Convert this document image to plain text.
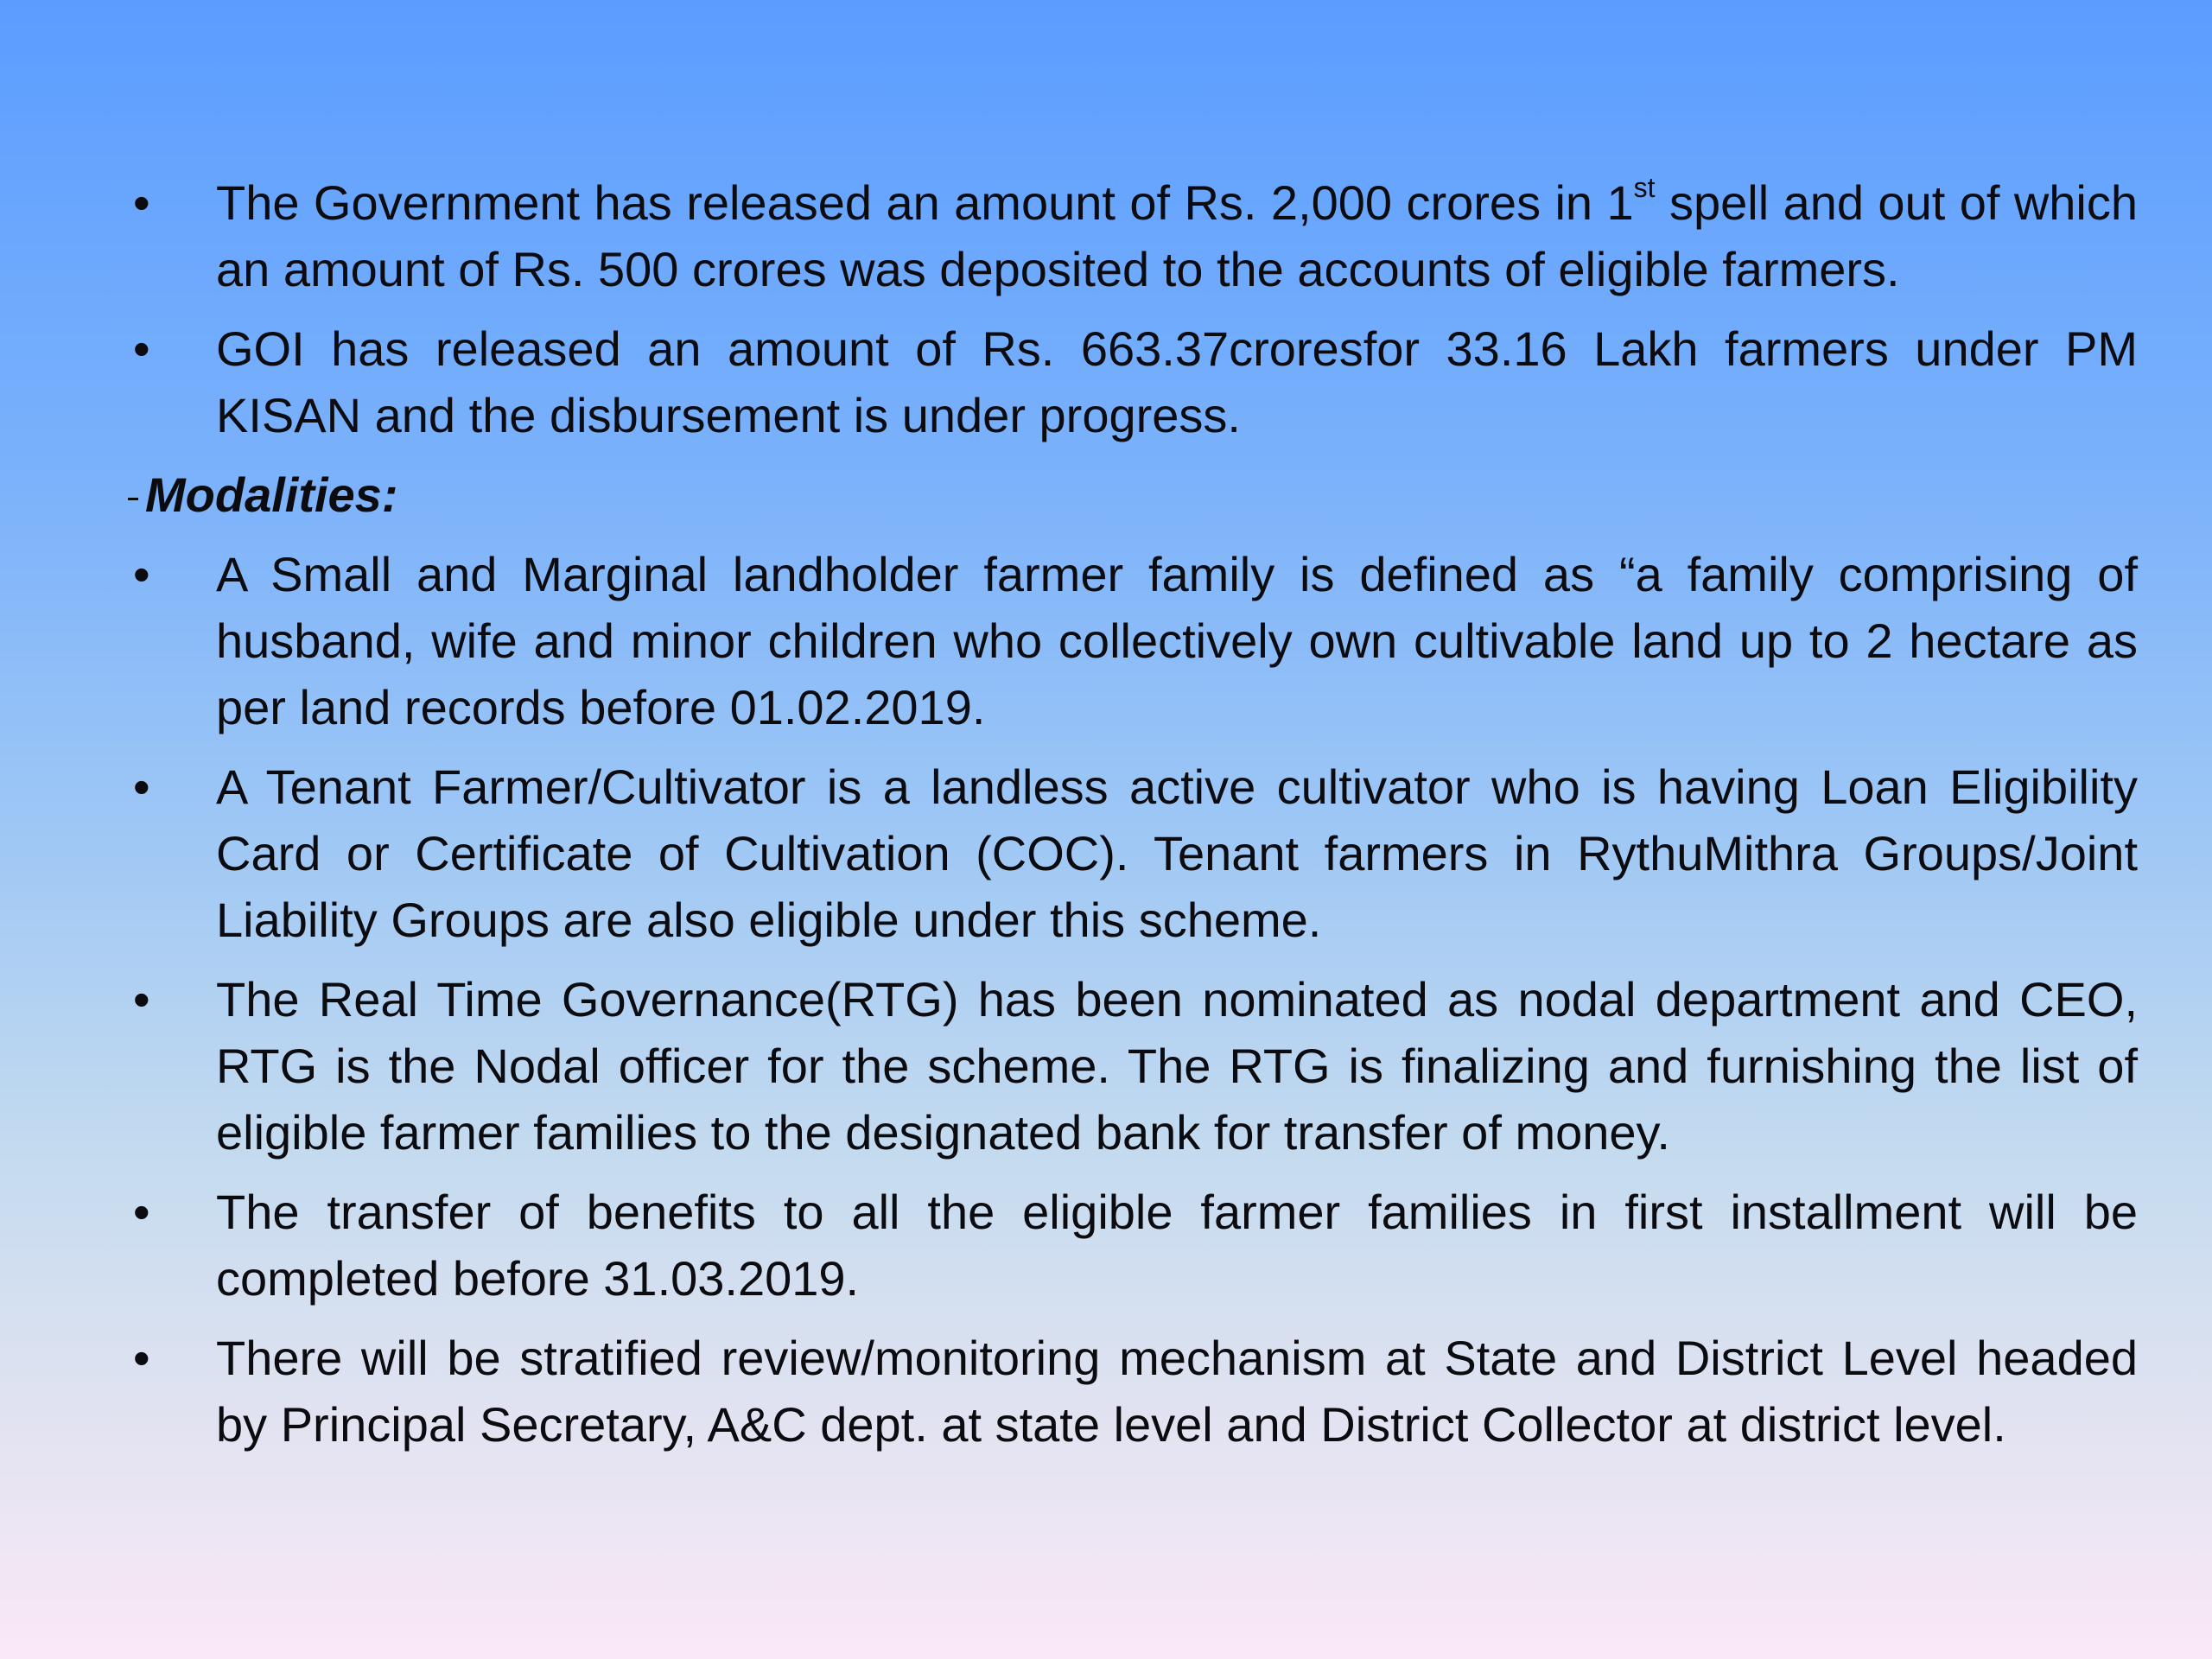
•	The Government has released an amount of Rs. 2,000 crores in 1st spell and out of which an amount of Rs. 500 crores was deposited to the accounts of eligible farmers.
•	GOI has released an amount of Rs. 663.37croresfor 33.16 Lakh farmers under PM KISAN and the disbursement is under progress.
Modalities:
•	A Small and Marginal landholder farmer family is defined as “a family comprising of husband, wife and minor children who collectively own cultivable land up to 2 hectare as per land records before 01.02.2019.
•	A Tenant Farmer/Cultivator is a landless active cultivator who is having Loan Eligibility Card or Certificate of Cultivation (COC). Tenant farmers in RythuMithra Groups/Joint Liability Groups are also eligible under this scheme.
•	The Real Time Governance(RTG) has been nominated as nodal department and CEO, RTG is the Nodal officer for the scheme. The RTG is finalizing and furnishing the list of eligible farmer families to the designated bank for transfer of money.
•	The transfer of benefits to all the eligible farmer families in first installment will be completed before 31.03.2019.
•	There will be stratified review/monitoring mechanism at State and District Level headed by Principal Secretary, A&C dept. at state level and District Collector at district level.
